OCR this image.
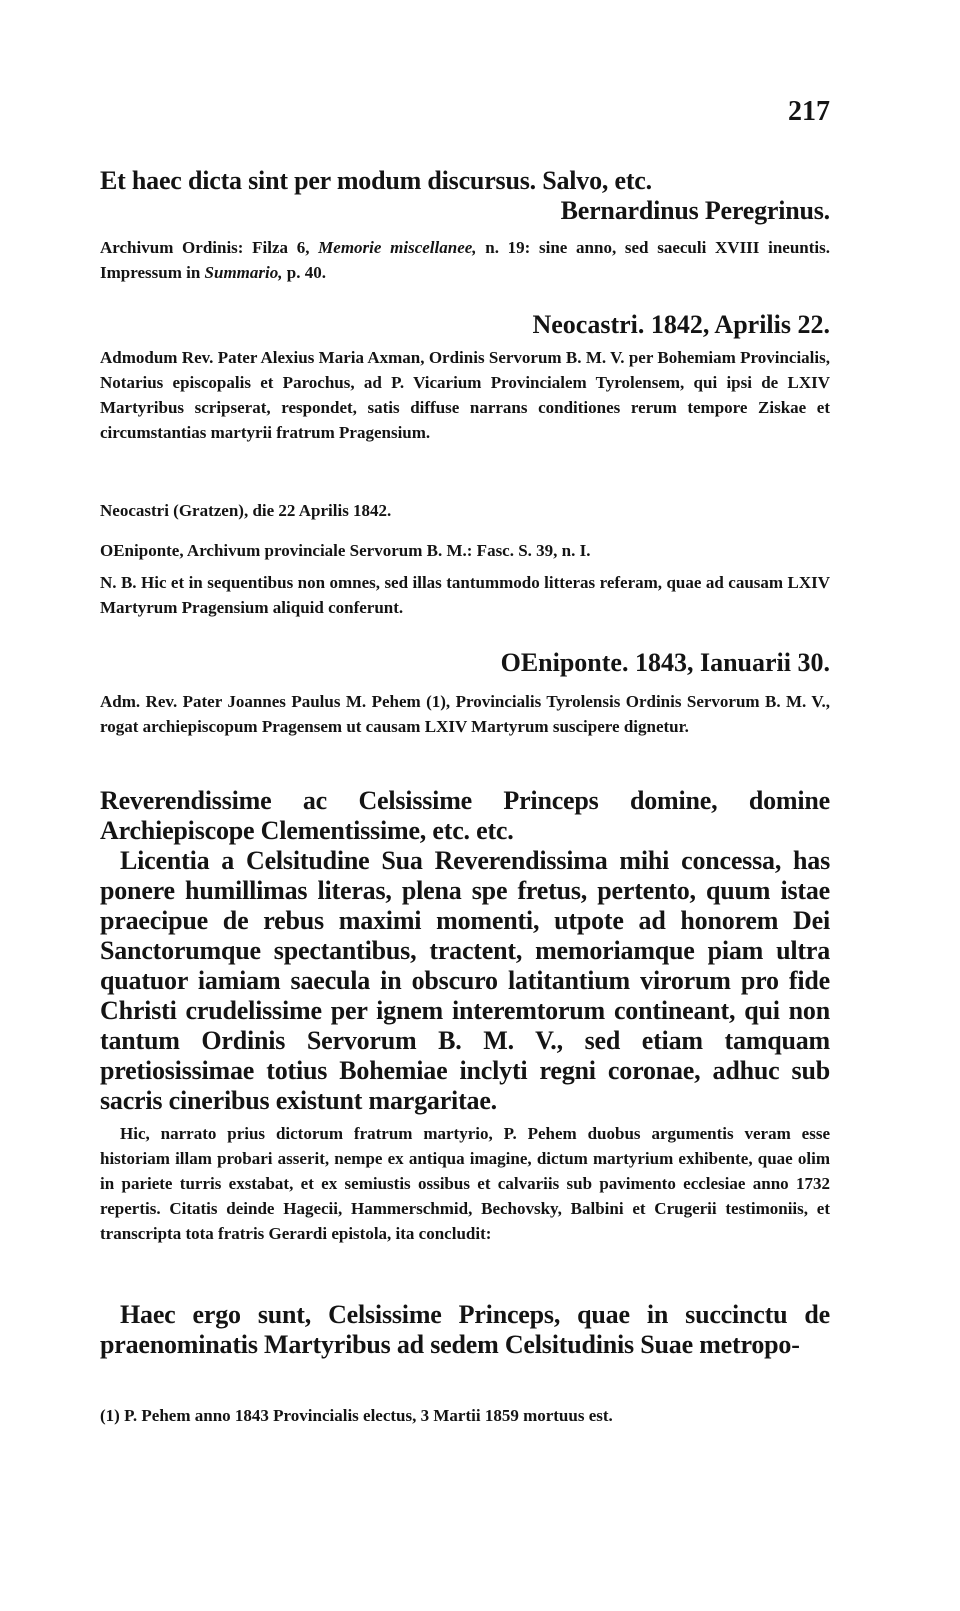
217
Et haec dicta sint per modum discursus. Salvo, etc.
Bernardinus Peregrinus.
Archivum Ordinis: Filza 6, Memorie miscellanee, n. 19: sine anno, sed saeculi XVIII ineuntis. Impressum in Summario, p. 40.
Neocastri. 1842, Aprilis 22.
Admodum Rev. Pater Alexius Maria Axman, Ordinis Servorum B. M. V. per Bohemiam Provincialis, Notarius episcopalis et Parochus, ad P. Vicarium Provincialem Tyrolensem, qui ipsi de LXIV Martyribus scripserat, respondet, satis diffuse narrans conditiones rerum tempore Ziskae et circumstantias martyrii fratrum Pragensium.
Neocastri (Gratzen), die 22 Aprilis 1842.
OEniponte, Archivum provinciale Servorum B. M.: Fasc. S. 39, n. I.
N. B. Hic et in sequentibus non omnes, sed illas tantummodo litteras referam, quae ad causam LXIV Martyrum Pragensium aliquid conferunt.
OEniponte. 1843, Ianuarii 30.
Adm. Rev. Pater Joannes Paulus M. Pehem (1), Provincialis Tyrolensis Ordinis Servorum B. M. V., rogat archiepiscopum Pragensem ut causam LXIV Martyrum suscipere dignetur.
Reverendissime ac Celsissime Princeps domine, domine Archiepiscope Clementissime, etc. etc.
Licentia a Celsitudine Sua Reverendissima mihi concessa, has ponere humillimas literas, plena spe fretus, pertento, quum istae praecipue de rebus maximi momenti, utpote ad honorem Dei Sanctorumque spectantibus, tractent, memoriamque piam ultra quatuor iamiam saecula in obscuro latitantium virorum pro fide Christi crudelissime per ignem interemtorum contineant, qui non tantum Ordinis Servorum B. M. V., sed etiam tamquam pretiosissimae totius Bohemiae inclyti regni coronae, adhuc sub sacris cineribus existunt margaritae.
Hic, narrato prius dictorum fratrum martyrio, P. Pehem duobus argumentis veram esse historiam illam probari asserit, nempe ex antiqua imagine, dictum martyrium exhibente, quae olim in pariete turris exstabat, et ex semiustis ossibus et calvariis sub pavimento ecclesiae anno 1732 repertis. Citatis deinde Hagecii, Hammerschmid, Bechovsky, Balbini et Crugerii testimoniis, et transcripta tota fratris Gerardi epistola, ita concludit:
Haec ergo sunt, Celsissime Princeps, quae in succinctu de praenominatis Martyribus ad sedem Celsitudinis Suae metropo-
(1) P. Pehem anno 1843 Provincialis electus, 3 Martii 1859 mortuus est.
